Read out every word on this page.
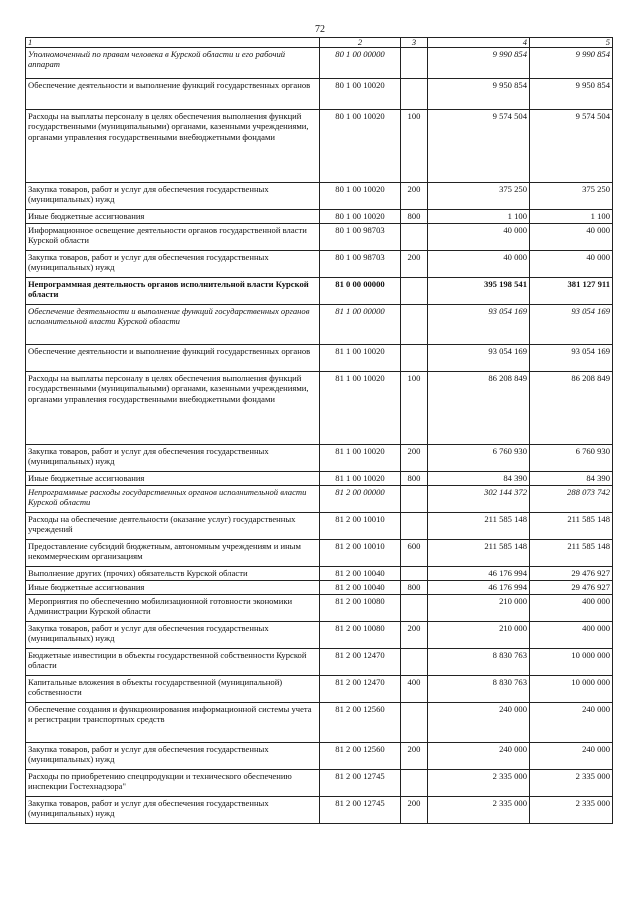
72
1	2	3	4	5
Уполномоченный по правам человека в Курской области и его рабочий аппарат	80 1 00 00000		9 990 854	9 990 854
Обеспечение деятельности и выполнение функций государственных органов	80 1 00 10020		9 950 854	9 950 854
Расходы на выплаты персоналу в целях обеспечения выполнения функций государственными (муниципальными) органами, казенными учреждениями, органами управления государственными внебюджетными фондами	80 1 00 10020	100	9 574 504	9 574 504
Закупка товаров, работ и услуг для обеспечения государственных (муниципальных) нужд	80 1 00 10020	200	375 250	375 250
Иные бюджетные ассигнования	80 1 00 10020	800	1 100	1 100
Информационное освещение деятельности органов государственной власти Курской области	80 1 00 98703		40 000	40 000
Закупка товаров, работ и услуг для обеспечения государственных (муниципальных) нужд	80 1 00 98703	200	40 000	40 000
Непрограммная деятельность органов исполнительной власти Курской области	81 0 00 00000		395 198 541	381 127 911
Обеспечение деятельности и выполнение функций государственных органов исполнительной власти Курской области	81 1 00 00000		93 054 169	93 054 169
Обеспечение деятельности и выполнение функций государственных органов	81 1 00 10020		93 054 169	93 054 169
Расходы на выплаты персоналу в целях обеспечения выполнения функций государственными (муниципальными) органами, казенными учреждениями, органами управления государственными внебюджетными фондами	81 1 00 10020	100	86 208 849	86 208 849
Закупка товаров, работ и услуг для обеспечения государственных (муниципальных) нужд	81 1 00 10020	200	6 760 930	6 760 930
Иные бюджетные ассигнования	81 1 00 10020	800	84 390	84 390
Непрограммные расходы государственных органов исполнительной власти Курской области	81 2 00 00000		302 144 372	288 073 742
Расходы на обеспечение деятельности (оказание услуг) государственных учреждений	81 2 00 10010		211 585 148	211 585 148
Предоставление субсидий бюджетным, автономным учреждениям и иным некоммерческим организациям	81 2 00 10010	600	211 585 148	211 585 148
Выполнение других (прочих) обязательств Курской области	81 2 00 10040		46 176 994	29 476 927
Иные бюджетные ассигнования	81 2 00 10040	800	46 176 994	29 476 927
Мероприятия по обеспечению мобилизационной готовности экономики Администрации Курской области	81 2 00 10080		210 000	400 000
Закупка товаров, работ и услуг для обеспечения государственных (муниципальных) нужд	81 2 00 10080	200	210 000	400 000
Бюджетные инвестиции в объекты государственной собственности Курской области	81 2 00 12470		8 830 763	10 000 000
Капитальные вложения в объекты государственной (муниципальной) собственности	81 2 00 12470	400	8 830 763	10 000 000
Обеспечение создания и функционирования информационной системы учета и регистрации транспортных средств	81 2 00 12560		240 000	240 000
Закупка товаров, работ и услуг для обеспечения государственных (муниципальных) нужд	81 2 00 12560	200	240 000	240 000
Расходы по приобретению спецпродукции и технического обеспечению инспекции Гостехнадзора"	81 2 00 12745		2 335 000	2 335 000
Закупка товаров, работ и услуг для обеспечения государственных (муниципальных) нужд	81 2 00 12745	200	2 335 000	2 335 000
